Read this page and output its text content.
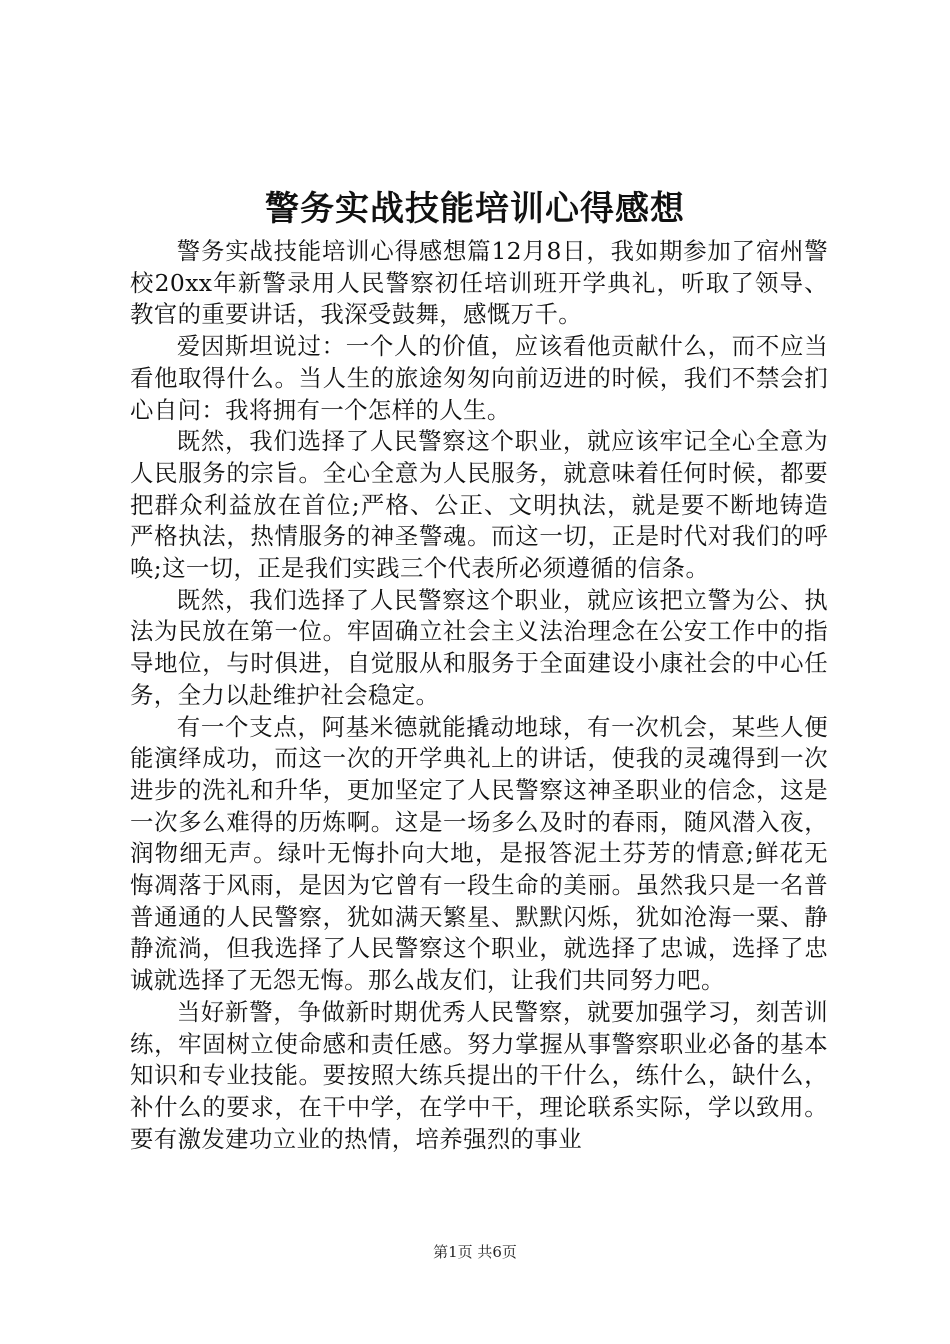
警务实战技能培训心得感想

警务实战技能培训心得感想篇12月8日，我如期参加了宿州警校20xx年新警录用人民警察初任培训班开学典礼，听取了领导、教官的重要讲话，我深受鼓舞，感慨万千。

爱因斯坦说过：一个人的价值，应该看他贡献什么，而不应当看他取得什么。当人生的旅途匆匆向前迈进的时候，我们不禁会扪心自问：我将拥有一个怎样的人生。

既然，我们选择了人民警察这个职业，就应该牢记全心全意为人民服务的宗旨。全心全意为人民服务，就意味着任何时候，都要把群众利益放在首位;严格、公正、文明执法，就是要不断地铸造严格执法，热情服务的神圣警魂。而这一切，正是时代对我们的呼唤;这一切，正是我们实践三个代表所必须遵循的信条。

既然，我们选择了人民警察这个职业，就应该把立警为公、执法为民放在第一位。牢固确立社会主义法治理念在公安工作中的指导地位，与时俱进，自觉服从和服务于全面建设小康社会的中心任务，全力以赴维护社会稳定。

有一个支点，阿基米德就能撬动地球，有一次机会，某些人便能演绎成功，而这一次的开学典礼上的讲话，使我的灵魂得到一次进步的洗礼和升华，更加坚定了人民警察这神圣职业的信念，这是一次多么难得的历炼啊。这是一场多么及时的春雨，随风潜入夜，润物细无声。绿叶无悔扑向大地，是报答泥土芬芳的情意;鲜花无悔凋落于风雨，是因为它曾有一段生命的美丽。虽然我只是一名普普通通的人民警察，犹如满天繁星、默默闪烁，犹如沧海一粟、静静流淌，但我选择了人民警察这个职业，就选择了忠诚，选择了忠诚就选择了无怨无悔。那么战友们，让我们共同努力吧。

当好新警，争做新时期优秀人民警察，就要加强学习，刻苦训练，牢固树立使命感和责任感。努力掌握从事警察职业必备的基本知识和专业技能。要按照大练兵提出的干什么，练什么，缺什么，补什么的要求，在干中学，在学中干，理论联系实际，学以致用。要有激发建功立业的热情，培养强烈的事业

第1页 共6页
